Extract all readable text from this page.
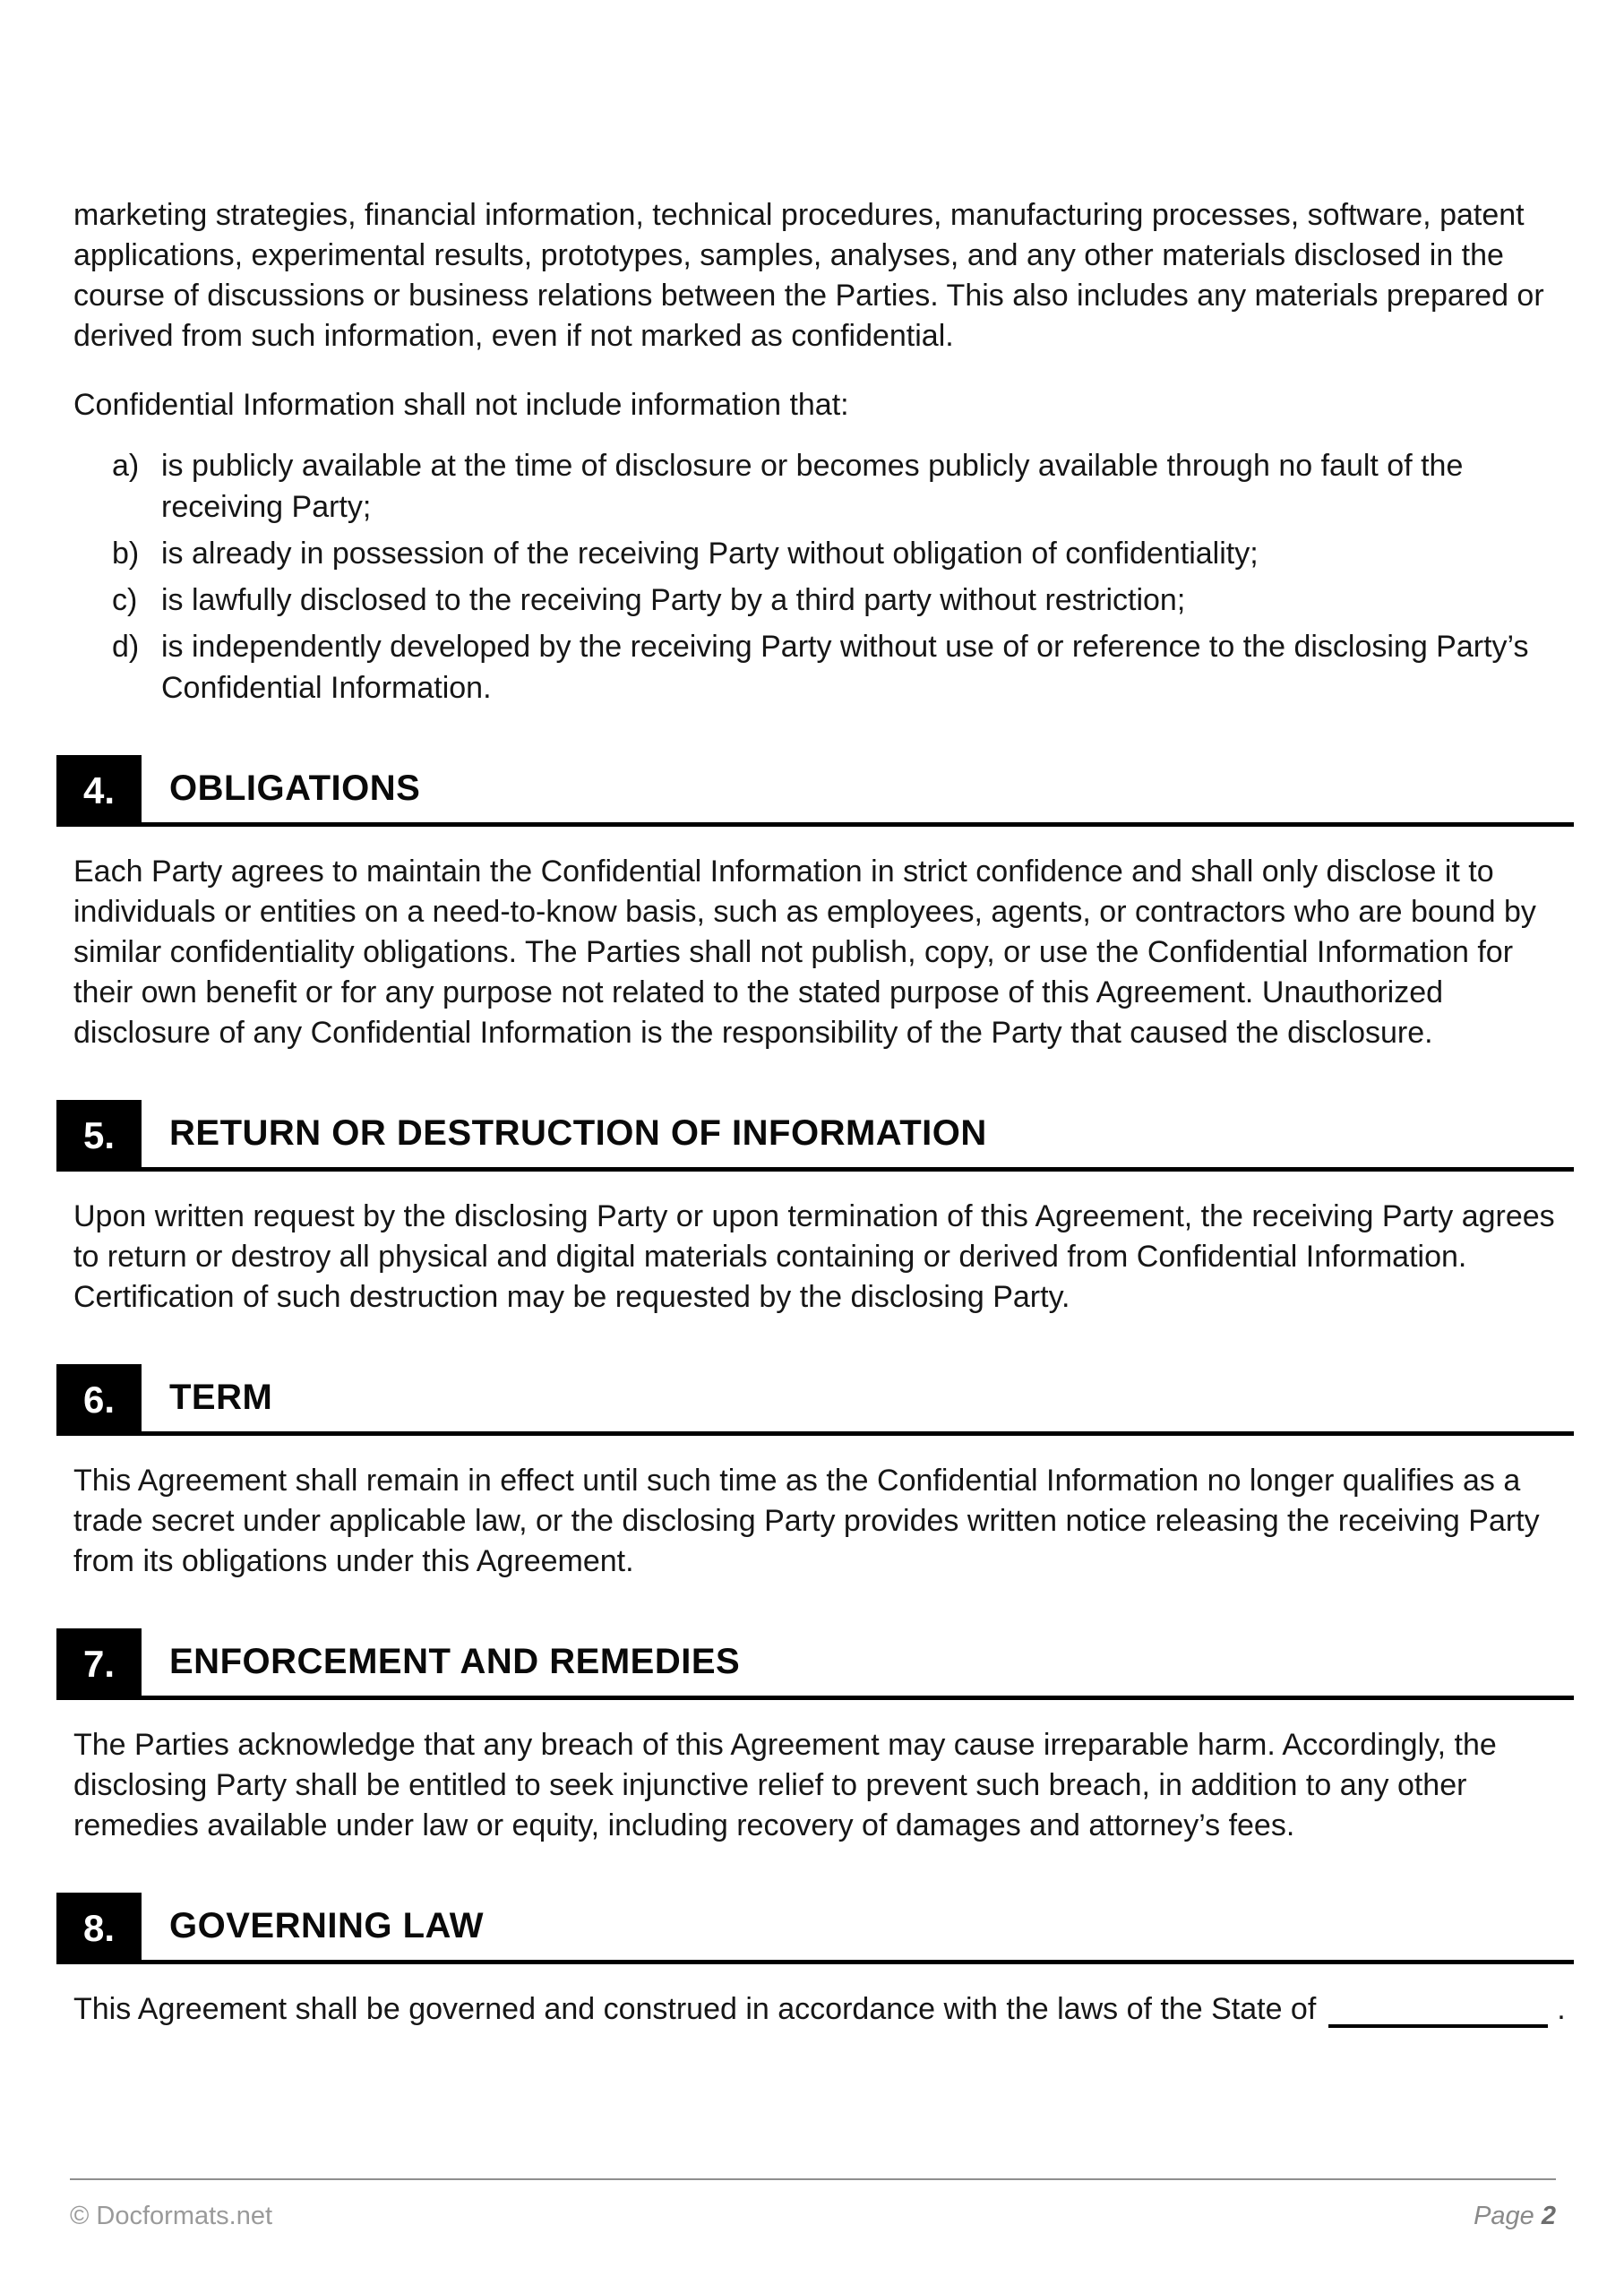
marketing strategies, financial information, technical procedures, manufacturing processes, software, patent applications, experimental results, prototypes, samples, analyses, and any other materials disclosed in the course of discussions or business relations between the Parties. This also includes any materials prepared or derived from such information, even if not marked as confidential.

Confidential Information shall not include information that:

a) is publicly available at the time of disclosure or becomes publicly available through no fault of the receiving Party;
b) is already in possession of the receiving Party without obligation of confidentiality;
c) is lawfully disclosed to the receiving Party by a third party without restriction;
d) is independently developed by the receiving Party without use of or reference to the disclosing Party’s Confidential Information.
4.	OBLIGATIONS

Each Party agrees to maintain the Confidential Information in strict confidence and shall only disclose it to individuals or entities on a need-to-know basis, such as employees, agents, or contractors who are bound by similar confidentiality obligations. The Parties shall not publish, copy, or use the Confidential Information for their own benefit or for any purpose not related to the stated purpose of this Agreement. Unauthorized disclosure of any Confidential Information is the responsibility of the Party that caused the disclosure.

5.	RETURN OR DESTRUCTION OF INFORMATION

Upon written request by the disclosing Party or upon termination of this Agreement, the receiving Party agrees to return or destroy all physical and digital materials containing or derived from Confidential Information. Certification of such destruction may be requested by the disclosing Party.

6.	TERM

This Agreement shall remain in effect until such time as the Confidential Information no longer qualifies as a trade secret under applicable law, or the disclosing Party provides written notice releasing the receiving Party from its obligations under this Agreement.

7.	ENFORCEMENT AND REMEDIES

The Parties acknowledge that any breach of this Agreement may cause irreparable harm. Accordingly, the disclosing Party shall be entitled to seek injunctive relief to prevent such breach, in addition to any other remedies available under law or equity, including recovery of damages and attorney’s fees.

8.	GOVERNING LAW

This Agreement shall be governed and construed in accordance with the laws of the State of	.

© Docformats.net	Page 2
